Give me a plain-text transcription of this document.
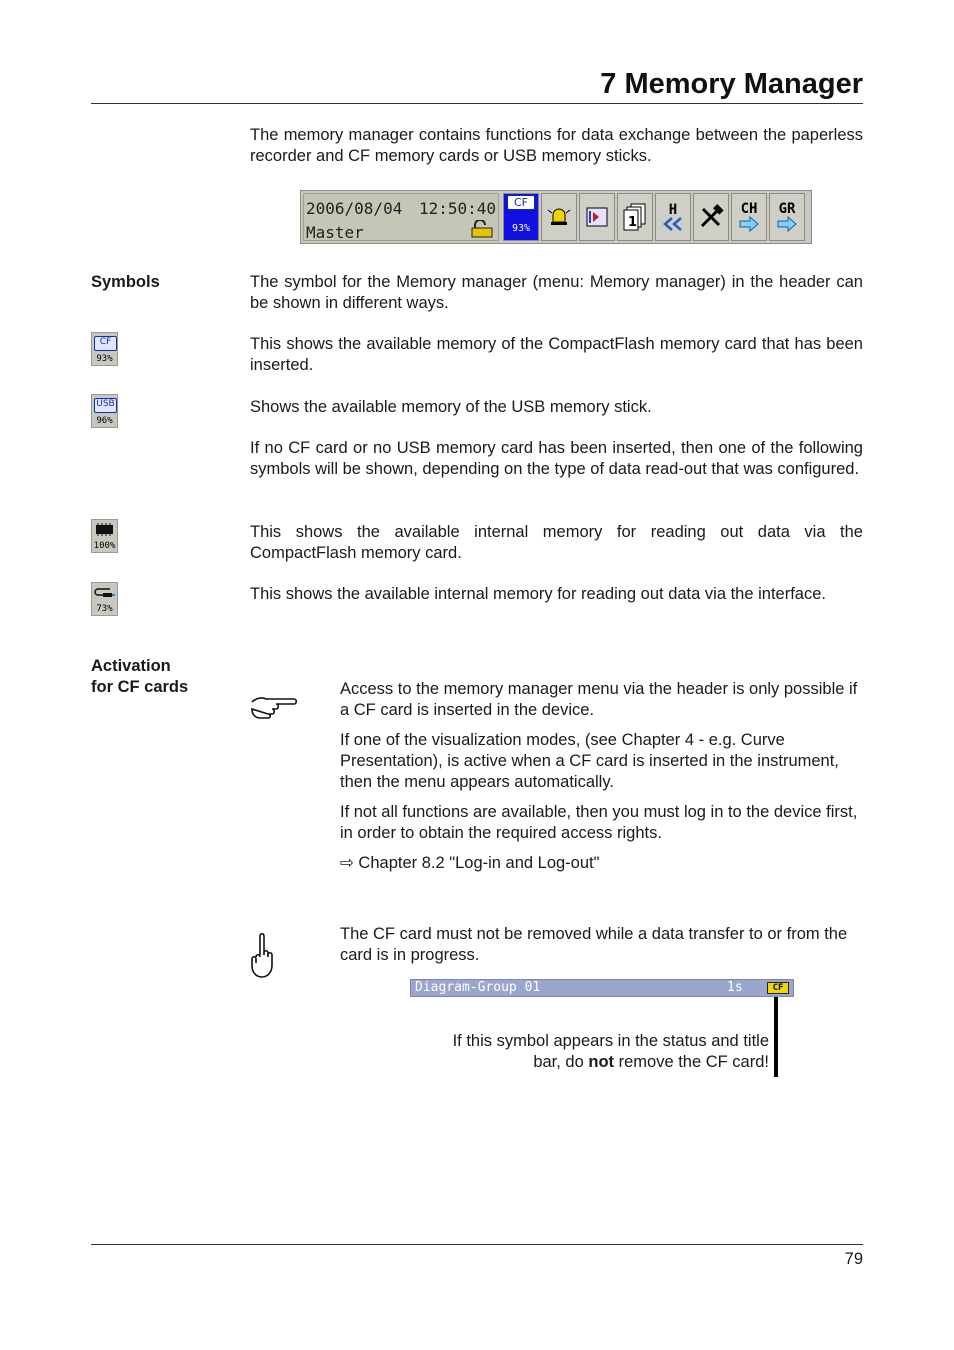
7 Memory Manager
The memory manager contains functions for data exchange between the paperless recorder and CF memory cards or USB memory sticks.
2006/08/04 12:50:40
Master
CF
93%	1
H	CH GR
Symbols	The symbol for the Memory manager (menu: Memory manager) in the header can be shown in different ways.
CF
93%
This shows the available memory of the CompactFlash memory card that has been inserted.
USB
96%
Shows the available memory of the USB memory stick.
If no CF card or no USB memory card has been inserted, then one of the following symbols will be shown, depending on the type of data read-out that was configured.
100%
This shows the available internal memory for reading out data via the CompactFlash memory card.
73%
This shows the available internal memory for reading out data via the interface.
Activation
for CF cards	Access to the memory manager menu via the header is only possible if a CF card is inserted in the device.

If one of the visualization modes, (see Chapter 4 - e.g. Curve Presentation), is active when a CF card is inserted in the instrument, then the menu appears automatically.

If not all functions are available, then you must log in to the device first, in order to obtain the required access rights.

⇨ Chapter 8.2 "Log-in and Log-out"

The CF card must not be removed while a data transfer to or from the card is in progress.
Diagram-Group 01	1s	CF
If this symbol appears in the status and title
bar, do not remove the CF card!
79
